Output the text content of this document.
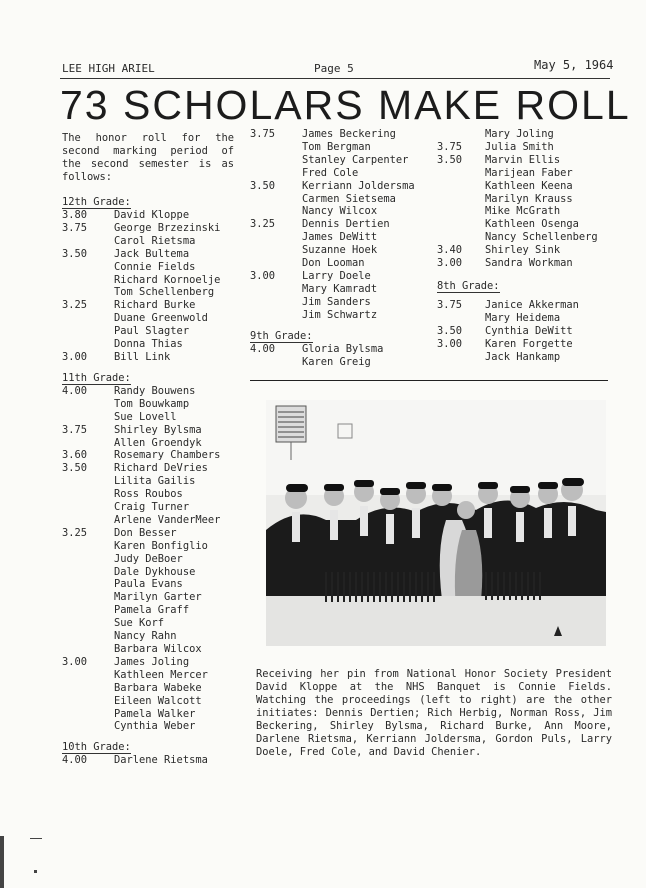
LEE HIGH ARIEL	Page 5	May 5, 1964
73 SCHOLARS MAKE ROLL
The honor roll for the second marking period of the second semester is as follows:
12th Grade:
3.80	David Kloppe
3.75	George Brzezinski
Carol Rietsma
3.50	Jack Bultema
Connie Fields
Richard Kornoelje
Tom Schellenberg
3.25	Richard Burke
Duane Greenwold
Paul Slagter
Donna Thias
3.00	Bill Link
11th Grade:
4.00	Randy Bouwens
Tom Bouwkamp
Sue Lovell
3.75	Shirley Bylsma
Allen Groendyk
3.60	Rosemary Chambers
3.50	Richard DeVries
Lilita Gailis
Ross Roubos
Craig Turner
Arlene VanderMeer
3.25	Don Besser
Karen Bonfiglio
Judy DeBoer
Dale Dykhouse
Paula Evans
Marilyn Garter
Pamela Graff
Sue Korf
Nancy Rahn
Barbara Wilcox
3.00	James Joling
Kathleen Mercer
Barbara Wabeke
Eileen Walcott
Pamela Walker
Cynthia Weber
10th Grade:
4.00	Darlene Rietsma
3.75	James Beckering
Tom Bergman
Stanley Carpenter
Fred Cole
3.50	Kerriann Joldersma
Carmen Sietsema
Nancy Wilcox
3.25	Dennis Dertien
James DeWitt
Suzanne Hoek
Don Looman
3.00	Larry Doele
Mary Kamradt
Jim Sanders
Jim Schwartz
9th Grade:
4.00	Gloria Bylsma
Karen Greig
Mary Joling
3.75	Julia Smith
3.50	Marvin Ellis
Marijean Faber
Kathleen Keena
Marilyn Krauss
Mike McGrath
Kathleen Osenga
Nancy Schellenberg
3.40	Shirley Sink
3.00	Sandra Workman
8th Grade:
3.75	Janice Akkerman
Mary Heidema
3.50	Cynthia DeWitt
3.00	Karen Forgette
Jack Hankamp
Receiving her pin from National Honor Society President David Kloppe at the NHS Banquet is Connie Fields. Watching the proceedings (left to right) are the other initiates: Dennis Dertien; Rich Herbig, Norman Ross, Jim Beckering, Shirley Bylsma, Richard Burke, Ann Moore, Darlene Rietsma, Kerriann Joldersma, Gordon Puls, Larry Doele, Fred Cole, and David Chenier.
